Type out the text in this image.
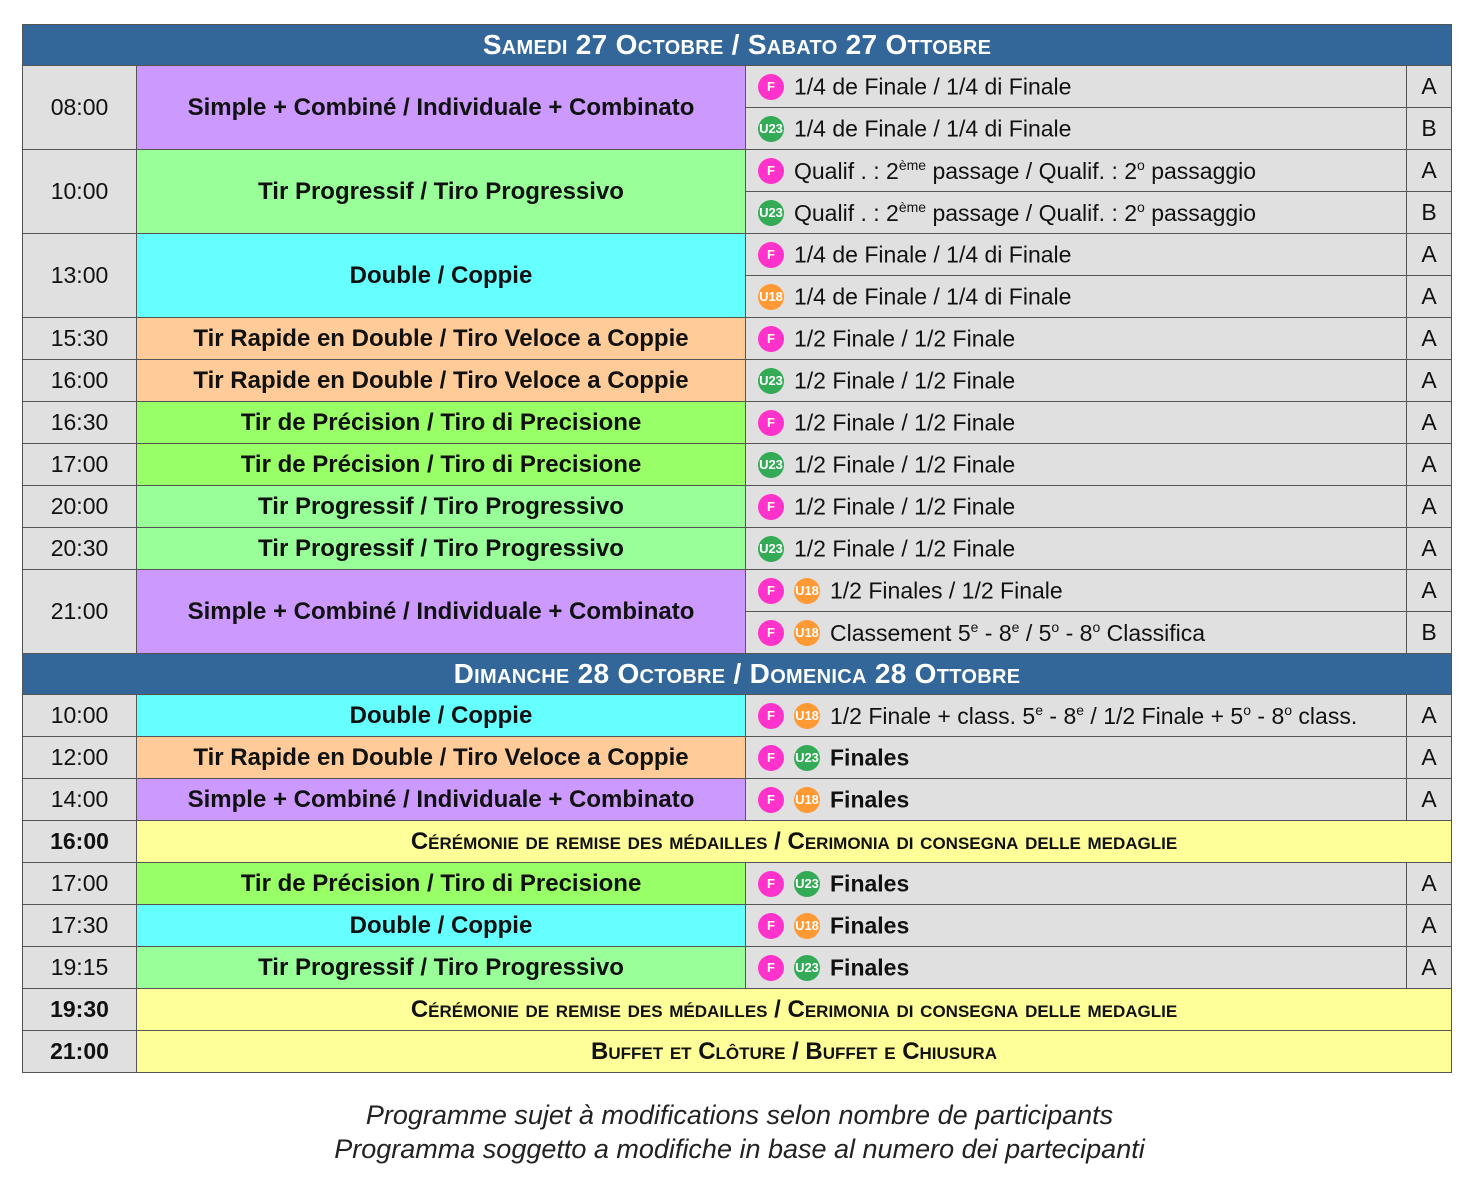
Samedi 27 Octobre / Sabato 27 Ottobre			
08:00	Simple + Combiné / Individuale + Combinato	F 1/4 de Finale / 1/4 di Finale	A
		U23 1/4 de Finale / 1/4 di Finale	B
10:00	Tir Progressif / Tiro Progressivo	F Qualif . : 2ème passage / Qualif. : 2$^o$ passaggio	A
		U23 Qualif . : 2ème passage / Qualif. : 2$^o$ passaggio	B
13:00	Double / Coppie	F 1/4 de Finale / 1/4 di Finale	A
		U18 1/4 de Finale / 1/4 di Finale	A
15:30	Tir Rapide en Double / Tiro Veloce a Coppie	F 1/2 Finale / 1/2 Finale	A
16:00	Tir Rapide en Double / Tiro Veloce a Coppie	U23 1/2 Finale / 1/2 Finale	A
16:30	Tir de Précision / Tiro di Precisione	F 1/2 Finale / 1/2 Finale	A
17:00	Tir de Précision / Tiro di Precisione	U23 1/2 Finale / 1/2 Finale	A
20:00	Tir Progressif / Tiro Progressivo	F 1/2 Finale / 1/2 Finale	A
20:30	Tir Progressif / Tiro Progressivo	U23 1/2 Finale / 1/2 Finale	A
21:00	Simple + Combiné / Individuale + Combinato	F U18 1/2 Finales / 1/2 Finale	A
		F U18 Classement 5e - 8e / 5$^o$ - 8$^o$ Classifica	B
Dimanche 28 Octobre / Domenica 28 Ottobre			
10:00	Double / Coppie	F U18 1/2 Finale + class. 5e - 8e / 1/2 Finale + $5^o - 8^o$ class.	A
12:00	Tir Rapide en Double / Tiro Veloce a Coppie	F U23 Finales	A
14:00	Simple + Combiné / Individuale + Combinato	F U18 Finales	A
16:00	Cérémonie de remise des médailles / Cerimonia di consegna delle medaglie		
17:00	Tir de Précision / Tiro di Precisione	F U23 Finales	A
17:30	Double / Coppie	F U18 Finales	A
19:15	Tir Progressif / Tiro Progressivo	F U23 Finales	A
19:30	Cérémonie de remise des médailles / Cerimonia di consegna delle medaglie		
21:00	Buffet et Clôture / Buffet e Chiusura		
Programme sujet à modifications selon nombre de participants
Programma soggetto a modifiche in base al numero dei partecipanti
